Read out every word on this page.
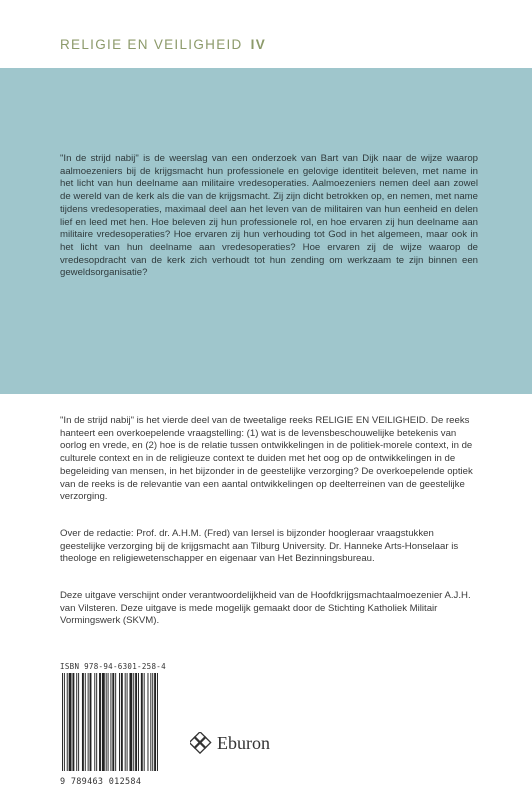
RELIGIE EN VEILIGHEID IV

"In de strijd nabij" is de weerslag van een onderzoek van Bart van Dijk naar de wijze waarop aalmoezeniers bij de krijgsmacht hun professionele en gelovige identiteit beleven, met name in het licht van hun deelname aan militaire vredesoperaties. Aalmoezeniers nemen deel aan zowel de wereld van de kerk als die van de krijgsmacht. Zij zijn dicht betrokken op, en nemen, met name tijdens vredesoperaties, maximaal deel aan het leven van de militairen van hun eenheid en delen lief en leed met hen. Hoe beleven zij hun professionele rol, en hoe ervaren zij hun deelname aan militaire vredesoperaties? Hoe ervaren zij hun verhouding tot God in het algemeen, maar ook in het licht van hun deelname aan vredesoperaties? Hoe ervaren zij de wijze waarop de vredesopdracht van de kerk zich verhoudt tot hun zending om werkzaam te zijn binnen een geweldsorganisatie?

"In de strijd nabij" is het vierde deel van de tweetalige reeks RELIGIE EN VEILIGHEID. De reeks hanteert een overkoepelende vraagstelling: (1) wat is de levensbeschouwelijke betekenis van oorlog en vrede, en (2) hoe is de relatie tussen ontwikkelingen in de politiek-morele context, in de culturele context en in de religieuze context te duiden met het oog op de ontwikkelingen in de begeleiding van mensen, in het bijzonder in de geestelijke verzorging? De overkoepelende optiek van de reeks is de relevantie van een aantal ontwikkelingen op deelterreinen van de geestelijke verzorging.

Over de redactie: Prof. dr. A.H.M. (Fred) van Iersel is bijzonder hoogleraar vraagstukken geestelijke verzorging bij de krijgsmacht aan Tilburg University. Dr. Hanneke Arts-Honselaar is theologe en religiewetenschapper en eigenaar van Het Bezinningsbureau.

Deze uitgave verschijnt onder verantwoordelijkheid van de Hoofdkrijgsmachtaalmoezenier A.J.H. van Vilsteren. Deze uitgave is mede mogelijk gemaakt door de Stichting Katholiek Militair Vormingswerk (SKVM).

ISBN 978-94-6301-258-4
9 789463 012584
Eburon
